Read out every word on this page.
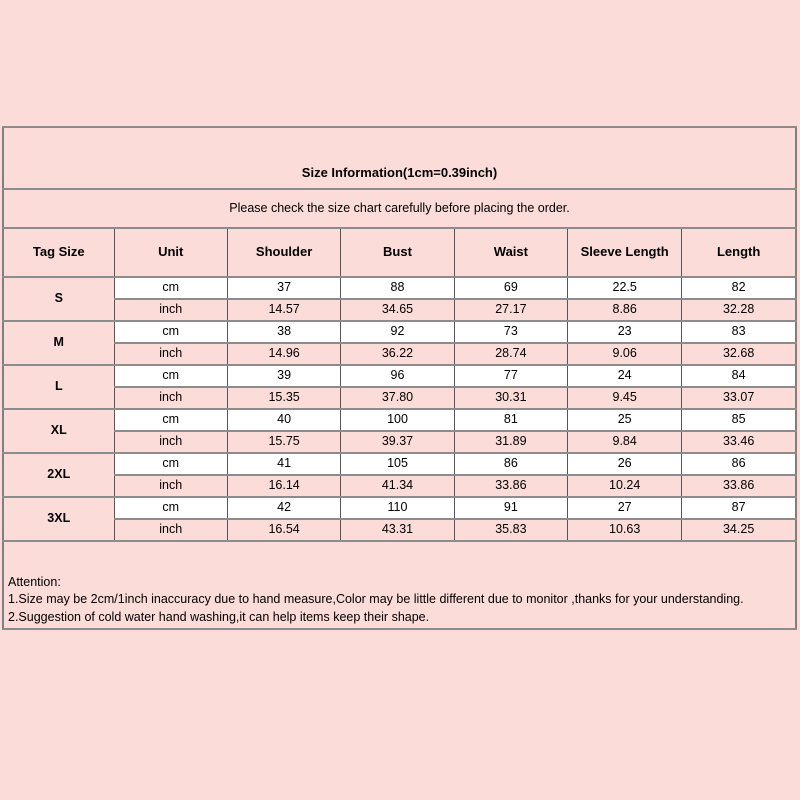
Size Information(1cm=0.39inch)						
Please check the size chart carefully before placing the order.						
Tag Size	Unit	Shoulder	Bust	Waist	Sleeve Length	Length
S	cm	37	88	69	22.5	82
	inch	14.57	34.65	27.17	8.86	32.28
M	cm	38	92	73	23	83
	inch	14.96	36.22	28.74	9.06	32.68
L	cm	39	96	77	24	84
	inch	15.35	37.80	30.31	9.45	33.07
XL	cm	40	100	81	25	85
	inch	15.75	39.37	31.89	9.84	33.46
2XL	cm	41	105	86	26	86
	inch	16.14	41.34	33.86	10.24	33.86
3XL	cm	42	110	91	27	87
	inch	16.54	43.31	35.83	10.63	34.25

Attention:
1.Size may be 2cm/1inch inaccuracy due to hand measure,Color may be little different due to monitor ,thanks for your understanding.
2.Suggestion of cold water hand washing,it can help items keep their shape.						
